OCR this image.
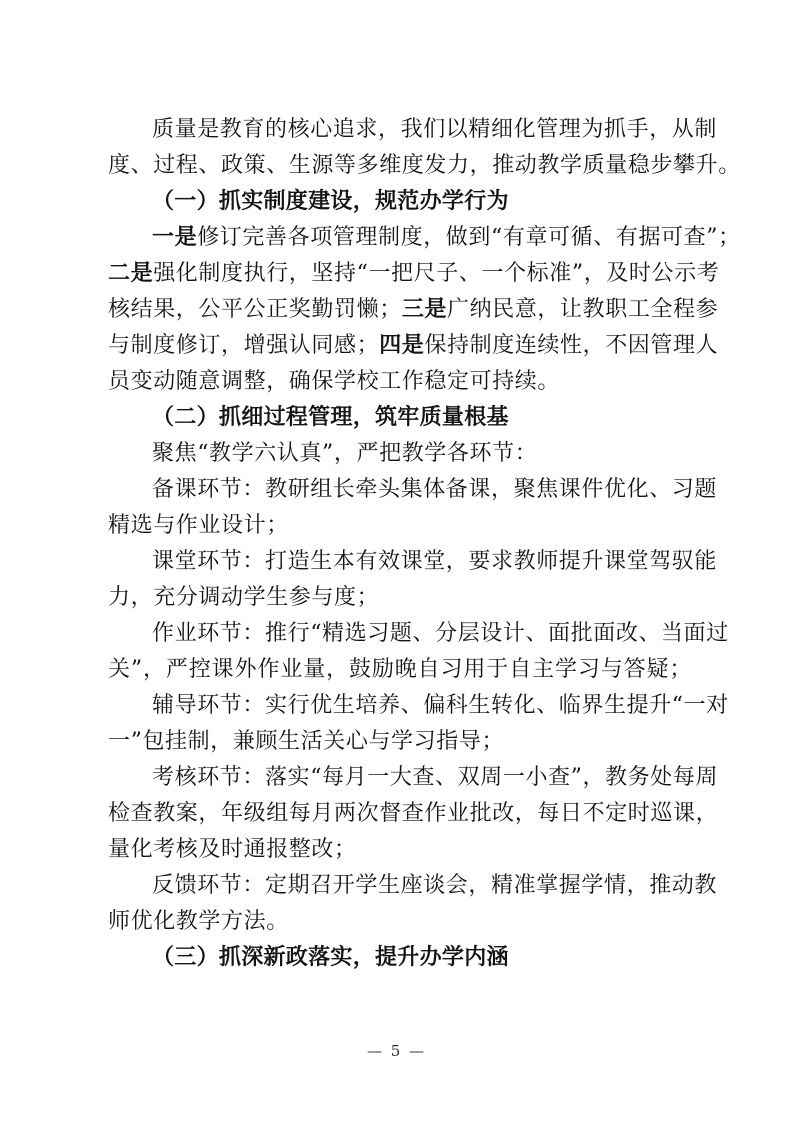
质量是教育的核心追求，我们以精细化管理为抓手，从制
度、过程、政策、生源等多维度发力，推动教学质量稳步攀升。
（一）抓实制度建设，规范办学行为
一是修订完善各项管理制度，做到“有章可循、有据可查”；
二是强化制度执行，坚持“一把尺子、一个标准”，及时公示考
核结果，公平公正奖勤罚懒；三是广纳民意，让教职工全程参
与制度修订，增强认同感；四是保持制度连续性，不因管理人
员变动随意调整，确保学校工作稳定可持续。
（二）抓细过程管理，筑牢质量根基
聚焦“教学六认真”，严把教学各环节：
备课环节：教研组长牵头集体备课，聚焦课件优化、习题
精选与作业设计；
课堂环节：打造生本有效课堂，要求教师提升课堂驾驭能
力，充分调动学生参与度；
作业环节：推行“精选习题、分层设计、面批面改、当面过
关”，严控课外作业量，鼓励晚自习用于自主学习与答疑；
辅导环节：实行优生培养、偏科生转化、临界生提升“一对
一”包挂制，兼顾生活关心与学习指导；
考核环节：落实“每月一大查、双周一小查”，教务处每周
检查教案，年级组每月两次督查作业批改，每日不定时巡课，
量化考核及时通报整改；
反馈环节：定期召开学生座谈会，精准掌握学情，推动教
师优化教学方法。
（三）抓深新政落实，提升办学内涵
— 5 —
